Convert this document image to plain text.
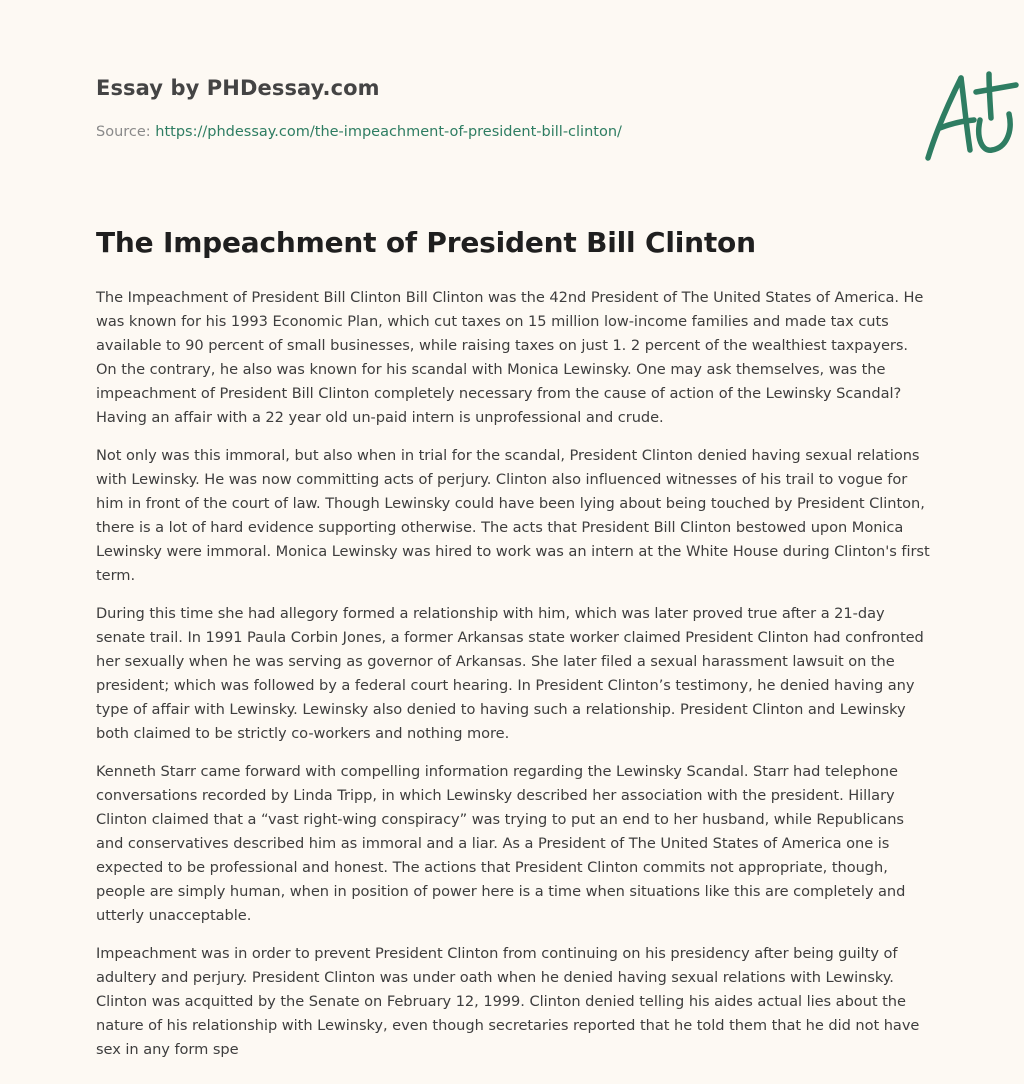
Essay by PHDessay.com

Source: https://phdessay.com/the-impeachment-of-president-bill-clinton/

The Impeachment of President Bill Clinton

The Impeachment of President Bill Clinton Bill Clinton was the 42nd President of The United States of America. He was known for his 1993 Economic Plan, which cut taxes on 15 million low-income families and made tax cuts available to 90 percent of small businesses, while raising taxes on just 1. 2 percent of the wealthiest taxpayers. On the contrary, he also was known for his scandal with Monica Lewinsky. One may ask themselves, was the impeachment of President Bill Clinton completely necessary from the cause of action of the Lewinsky Scandal? Having an affair with a 22 year old un-paid intern is unprofessional and crude.

Not only was this immoral, but also when in trial for the scandal, President Clinton denied having sexual relations with Lewinsky. He was now committing acts of perjury. Clinton also influenced witnesses of his trail to vogue for him in front of the court of law. Though Lewinsky could have been lying about being touched by President Clinton, there is a lot of hard evidence supporting otherwise. The acts that President Bill Clinton bestowed upon Monica Lewinsky were immoral. Monica Lewinsky was hired to work was an intern at the White House during Clinton's first term.

During this time she had allegory formed a relationship with him, which was later proved true after a 21-day senate trail. In 1991 Paula Corbin Jones, a former Arkansas state worker claimed President Clinton had confronted her sexually when he was serving as governor of Arkansas. She later filed a sexual harassment lawsuit on the president; which was followed by a federal court hearing. In President Clinton’s testimony, he denied having any type of affair with Lewinsky. Lewinsky also denied to having such a relationship. President Clinton and Lewinsky both claimed to be strictly co-workers and nothing more.

Kenneth Starr came forward with compelling information regarding the Lewinsky Scandal. Starr had telephone conversations recorded by Linda Tripp, in which Lewinsky described her association with the president. Hillary Clinton claimed that a “vast right-wing conspiracy” was trying to put an end to her husband, while Republicans and conservatives described him as immoral and a liar. As a President of The United States of America one is expected to be professional and honest. The actions that President Clinton commits not appropriate, though, people are simply human, when in position of power here is a time when situations like this are completely and utterly unacceptable.

Impeachment was in order to prevent President Clinton from continuing on his presidency after being guilty of adultery and perjury. President Clinton was under oath when he denied having sexual relations with Lewinsky. Clinton was acquitted by the Senate on February 12, 1999. Clinton denied telling his aides actual lies about the nature of his relationship with Lewinsky, even though secretaries reported that he told them that he did not have sex in any form spe
